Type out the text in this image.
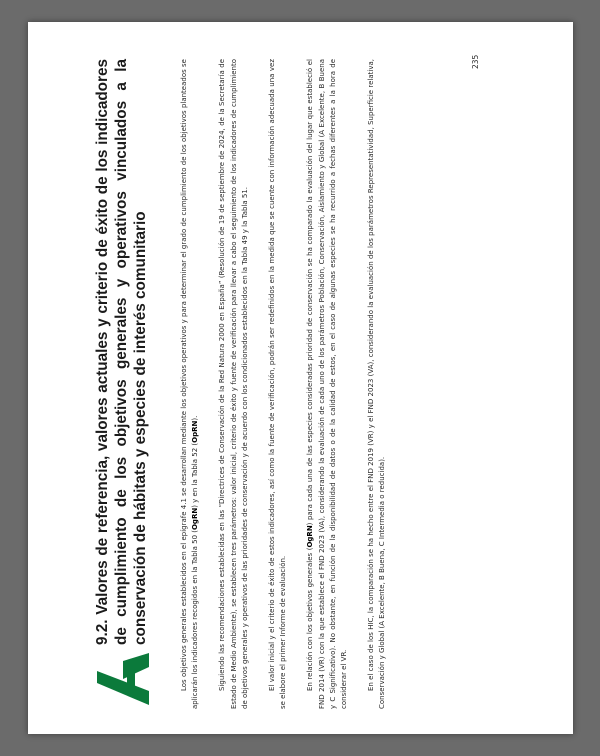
9.2. Valores de referencia, valores actuales y criterio de éxito de los indicadores de cumplimiento de los objetivos generales y operativos vinculados a la conservación de hábitats y especies de interés comunitario	Los objetivos generales establecidos en el epígrafe 4.1 se desarrollan mediante los objetivos operativos y para determinar el grado de cumplimiento de los objetivos planteados se aplicarán los indicadores recogidos en la Tabla 50 (OgRN) y en la Tabla 52 (OpRN).	Siguiendo las recomendaciones establecidas en las “Directrices de Conservación de la Red Natura 2000 en España” (Resolución de 19 de septiembre de 2024, de la Secretaría de Estado de Medio Ambiente), se establecen tres parámetros: valor inicial, criterio de éxito y fuente de verificación para llevar a cabo el seguimiento de los indicadores de cumplimiento de objetivos generales y operativos de las prioridades de conservación y de acuerdo con los condicionados establecidos en la Tabla 49 y la Tabla 51.	El valor inicial y el criterio de éxito de estos indicadores, así como la fuente de verificación, podrán ser redefinidos en la medida que se cuente con información adecuada una vez se elabore el primer Informe de evaluación.	En relación con los objetivos generales (OgRN) para cada una de las especies consideradas prioridad de conservación se ha comparado la evaluación del lugar que estableció el FND 2014 (VR) con la que establece el FND 2023 (VA), considerando la evaluación de cada uno de los parámetros Población, Conservación, Aislamiento y Global (A Excelente, B Buena y C Significativo). No obstante, en función de la disponibilidad de datos o de la calidad de estos, en el caso de algunas especies se ha recurrido a fechas diferentes a la hora de considerar el VR.	En el caso de los HIC, la comparación se ha hecho entre el FND 2019 (VR) y el FND 2023 (VA), considerando la evaluación de los parámetros Representatividad, Superficie relativa, Conservación y Global (A Excelente, B Buena, C Intermedia o reducida).

235
